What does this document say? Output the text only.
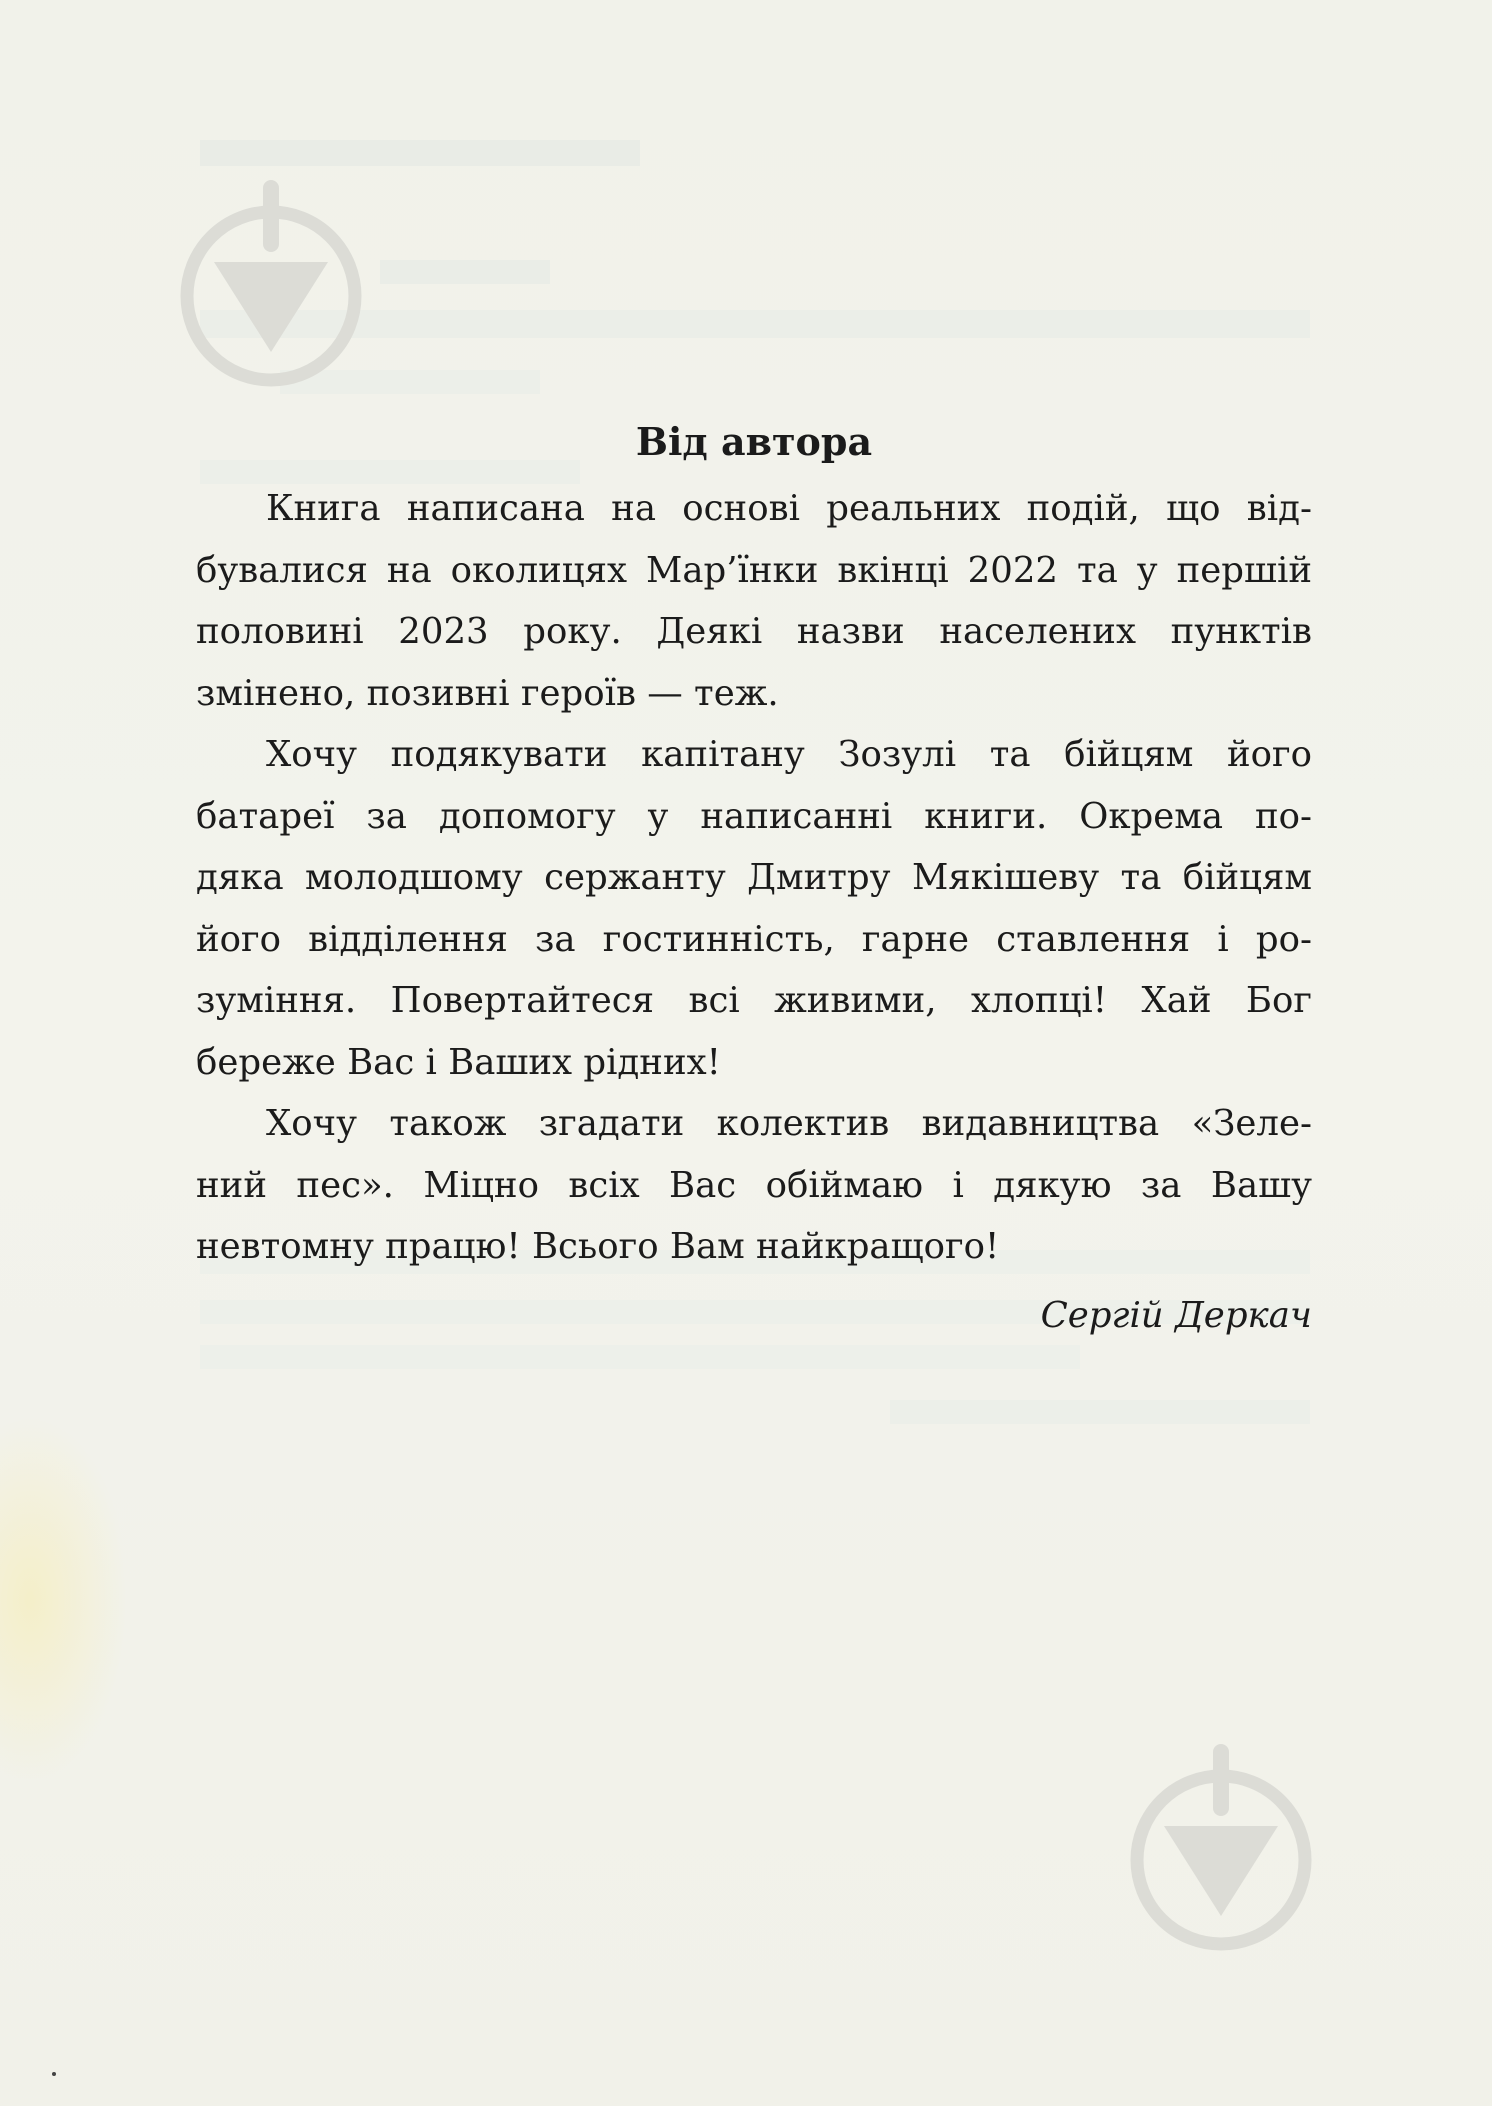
Від автора
Книга написана на основі реальних подій, що від-
бувалися на околицях Мар’їнки вкінці 2022 та у першій
половині 2023 року. Деякі назви населених пунктів
змінено, позивні героїв — теж.
Хочу подякувати капітану Зозулі та бійцям його
батареї за допомогу у написанні книги. Окрема по-
дяка молодшому сержанту Дмитру Мякішеву та бійцям
його відділення за гостинність, гарне ставлення і ро-
зуміння. Повертайтеся всі живими, хлопці! Хай Бог
береже Вас і Ваших рідних!
Хочу також згадати колектив видавництва «Зеле-
ний пес». Міцно всіх Вас обіймаю і дякую за Вашу
невтомну працю! Всього Вам найкращого!
Сергій Деркач
